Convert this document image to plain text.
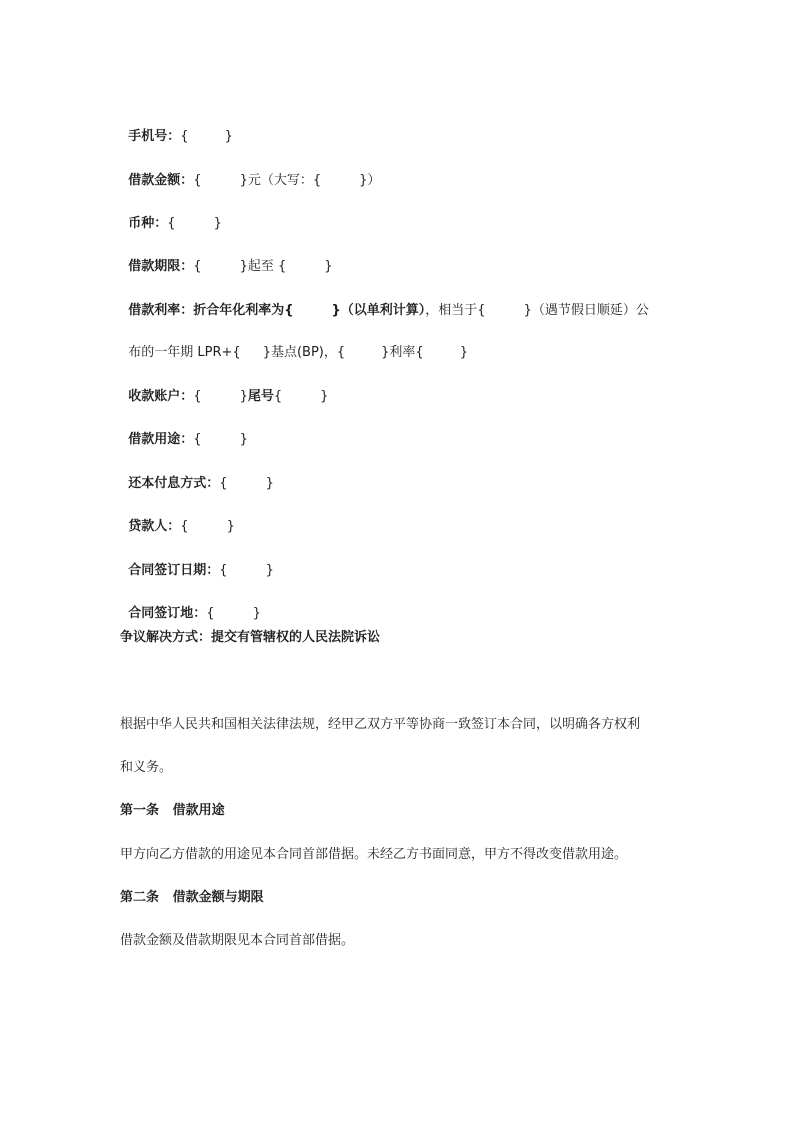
手机号：{	}

借款金额：{	}元（大写：{	}）

币种：{	}

借款期限：{	}起至 {	}

借款利率：折合年化利率为{	}（以单利计算），相当于{	}（遇节假日顺延）公

布的一年期 LPR+{ }基点(BP)，{	}利率{	}

收款账户：{	}尾号{	}

借款用途：{	}

还本付息方式：{	}

贷款人：{	}

合同签订日期：{	}

合同签订地：{	}

争议解决方式：提交有管辖权的人民法院诉讼
根据中华人民共和国相关法律法规，经甲乙双方平等协商一致签订本合同，以明确各方权利
和义务。
第一条   借款用途
甲方向乙方借款的用途见本合同首部借据。未经乙方书面同意，甲方不得改变借款用途。
第二条   借款金额与期限
借款金额及借款期限见本合同首部借据。
